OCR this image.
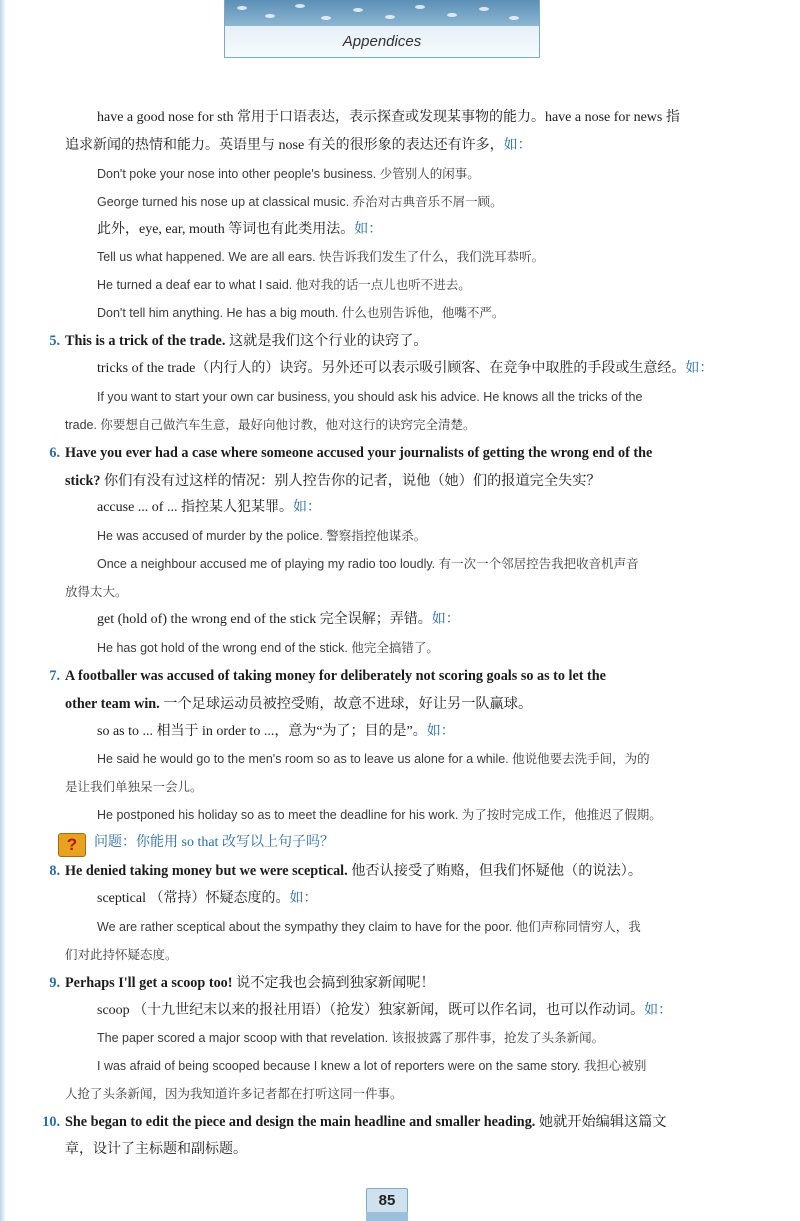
Appendices
have a good nose for sth 常用于口语表达，表示探查或发现某事物的能力。have a nose for news 指
追求新闻的热情和能力。英语里与 nose 有关的很形象的表达还有许多，如：
Don't poke your nose into other people's business. 少管别人的闲事。
George turned his nose up at classical music. 乔治对古典音乐不屑一顾。
此外，eye, ear, mouth 等词也有此类用法。如：
Tell us what happened. We are all ears. 快告诉我们发生了什么，我们洗耳恭听。
He turned a deaf ear to what I said. 他对我的话一点儿也听不进去。
Don't tell him anything. He has a big mouth. 什么也别告诉他，他嘴不严。
5. This is a trick of the trade. 这就是我们这个行业的诀窍了。
tricks of the trade（内行人的）诀窍。另外还可以表示吸引顾客、在竞争中取胜的手段或生意经。如：
If you want to start your own car business, you should ask his advice. He knows all the tricks of the
trade. 你要想自己做汽车生意，最好向他讨教，他对这行的诀窍完全清楚。
6. Have you ever had a case where someone accused your journalists of getting the wrong end of the
stick? 你们有没有过这样的情况：别人控告你的记者，说他（她）们的报道完全失实？
accuse ... of ... 指控某人犯某罪。如：
He was accused of murder by the police. 警察指控他谋杀。
Once a neighbour accused me of playing my radio too loudly. 有一次一个邻居控告我把收音机声音
放得太大。
get (hold of) the wrong end of the stick 完全误解；弄错。如：
He has got hold of the wrong end of the stick. 他完全搞错了。
7. A footballer was accused of taking money for deliberately not scoring goals so as to let the
other team win. 一个足球运动员被控受贿，故意不进球，好让另一队赢球。
so as to ... 相当于 in order to ...，意为“为了；目的是”。如：
He said he would go to the men's room so as to leave us alone for a while. 他说他要去洗手间，为的
是让我们单独呆一会儿。
He postponed his holiday so as to meet the deadline for his work. 为了按时完成工作，他推迟了假期。
?	问题：你能用 so that 改写以上句子吗？
8. He denied taking money but we were sceptical. 他否认接受了贿赂，但我们怀疑他（的说法）。
sceptical （常持）怀疑态度的。如：
We are rather sceptical about the sympathy they claim to have for the poor. 他们声称同情穷人，我
们对此持怀疑态度。
9. Perhaps I'll get a scoop too! 说不定我也会搞到独家新闻呢！
scoop （十九世纪末以来的报社用语）（抢发）独家新闻，既可以作名词，也可以作动词。如：
The paper scored a major scoop with that revelation. 该报披露了那件事，抢发了头条新闻。
I was afraid of being scooped because I knew a lot of reporters were on the same story. 我担心被别
人抢了头条新闻，因为我知道许多记者都在打听这同一件事。
10. She began to edit the piece and design the main headline and smaller heading. 她就开始编辑这篇文
章，设计了主标题和副标题。
85
